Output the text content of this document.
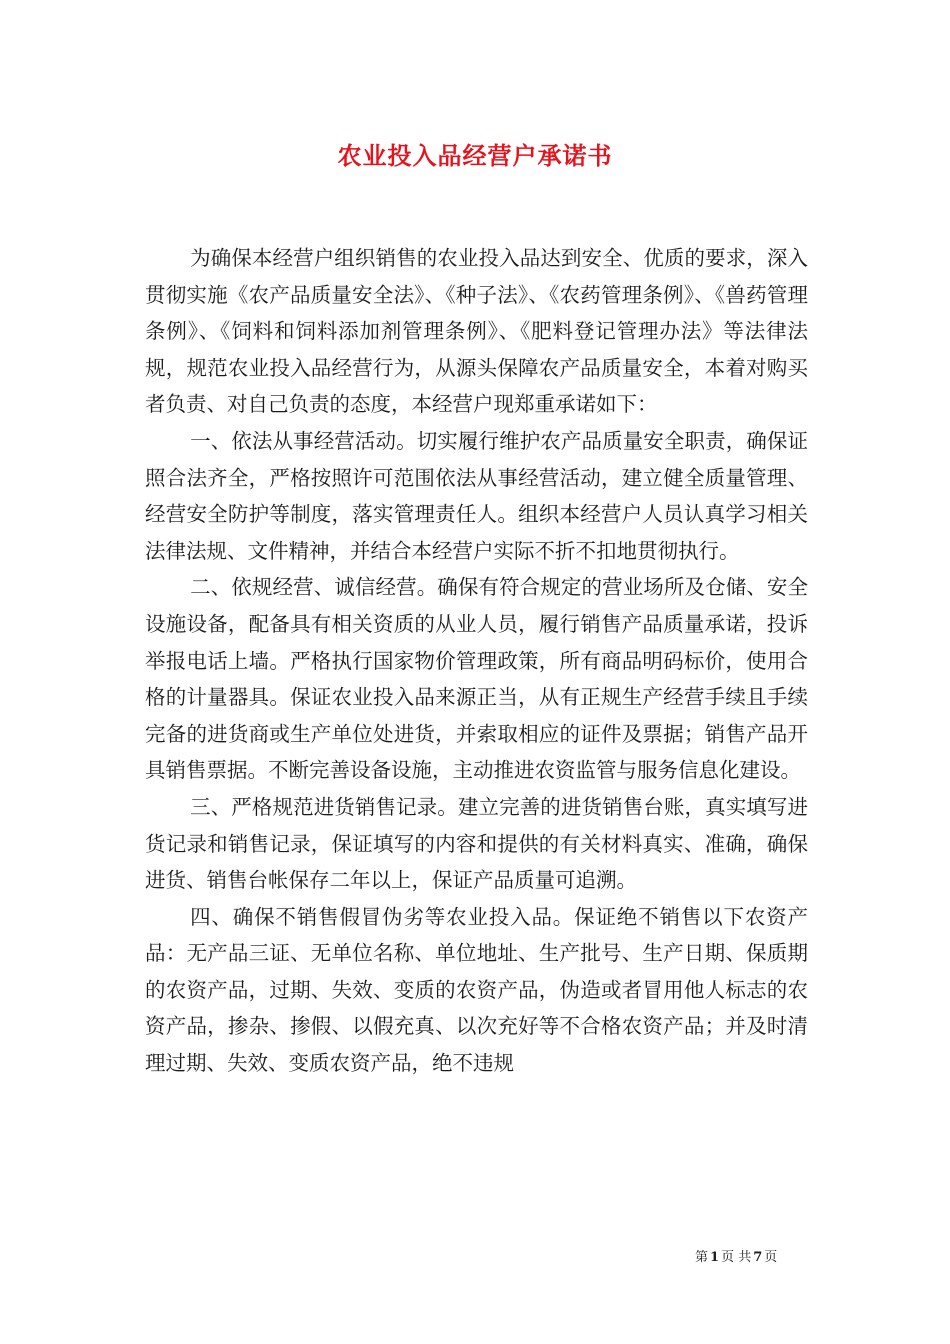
农业投入品经营户承诺书

为确保本经营户组织销售的农业投入品达到安全、优质的要求，深入贯彻实施《农产品质量安全法》、《种子法》、《农药管理条例》、《兽药管理条例》、《饲料和饲料添加剂管理条例》、《肥料登记管理办法》等法律法规，规范农业投入品经营行为，从源头保障农产品质量安全，本着对购买者负责、对自己负责的态度，本经营户现郑重承诺如下：

一、依法从事经营活动。切实履行维护农产品质量安全职责，确保证照合法齐全，严格按照许可范围依法从事经营活动，建立健全质量管理、经营安全防护等制度，落实管理责任人。组织本经营户人员认真学习相关法律法规、文件精神，并结合本经营户实际不折不扣地贯彻执行。

二、依规经营、诚信经营。确保有符合规定的营业场所及仓储、安全设施设备，配备具有相关资质的从业人员，履行销售产品质量承诺，投诉举报电话上墙。严格执行国家物价管理政策，所有商品明码标价，使用合格的计量器具。保证农业投入品来源正当，从有正规生产经营手续且手续完备的进货商或生产单位处进货，并索取相应的证件及票据；销售产品开具销售票据。不断完善设备设施，主动推进农资监管与服务信息化建设。

三、严格规范进货销售记录。建立完善的进货销售台账，真实填写进货记录和销售记录，保证填写的内容和提供的有关材料真实、准确，确保进货、销售台帐保存二年以上，保证产品质量可追溯。

四、确保不销售假冒伪劣等农业投入品。保证绝不销售以下农资产品：无产品三证、无单位名称、单位地址、生产批号、生产日期、保质期的农资产品，过期、失效、变质的农资产品，伪造或者冒用他人标志的农资产品，掺杂、掺假、以假充真、以次充好等不合格农资产品；并及时清理过期、失效、变质农资产品，绝不违规

第 1 页 共 7 页
